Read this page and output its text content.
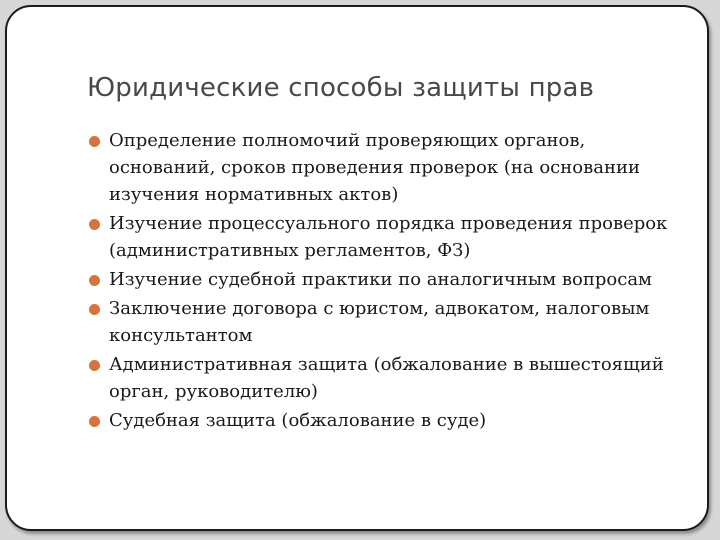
Юридические способы защиты прав
Определение полномочий проверяющих органов, оснований, сроков проведения проверок (на основании изучения нормативных актов)
Изучение процессуального порядка проведения проверок (административных регламентов, ФЗ)
Изучение судебной практики по аналогичным вопросам
Заключение договора с юристом, адвокатом, налоговым консультантом
Административная защита (обжалование в вышестоящий орган, руководителю)
Судебная защита (обжалование в суде)
